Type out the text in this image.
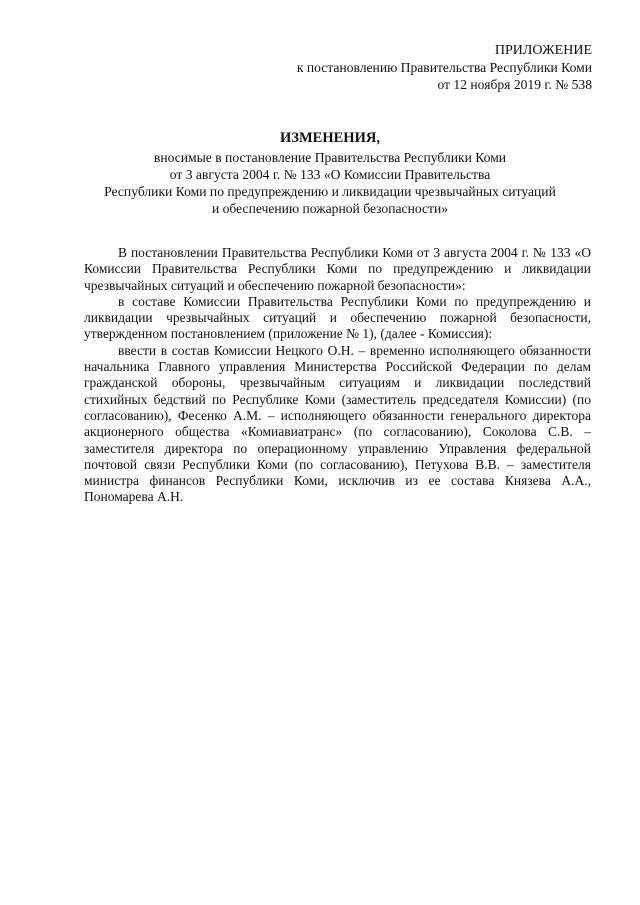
ПРИЛОЖЕНИЕ
к постановлению Правительства Республики Коми
от 12 ноября 2019 г. № 538
ИЗМЕНЕНИЯ,
вносимые в постановление Правительства Республики Коми
от 3 августа 2004 г. № 133 «О Комиссии Правительства
Республики Коми по предупреждению и ликвидации чрезвычайных ситуаций
и обеспечению пожарной безопасности»

В постановлении Правительства Республики Коми от 3 августа 2004 г. № 133 «О Комиссии Правительства Республики Коми по предупреждению и ликвидации чрезвычайных ситуаций и обеспечению пожарной безопасности»:

в составе Комиссии Правительства Республики Коми по предупреждению и ликвидации чрезвычайных ситуаций и обеспечению пожарной безопасности, утвержденном постановлением (приложение № 1), (далее - Комиссия):

ввести в состав Комиссии Нецкого О.Н. – временно исполняющего обязанности начальника Главного управления Министерства Российской Федерации по делам гражданской обороны, чрезвычайным ситуациям и ликвидации последствий стихийных бедствий по Республике Коми (заместитель председателя Комиссии) (по согласованию), Фесенко А.М. – исполняющего обязанности генерального директора акционерного общества «Комиавиатранс» (по согласованию), Соколова С.В. – заместителя директора по операционному управлению Управления федеральной почтовой связи Республики Коми (по согласованию), Петухова В.В. – заместителя министра финансов Республики Коми, исключив из ее состава Князева А.А., Пономарева А.Н.
